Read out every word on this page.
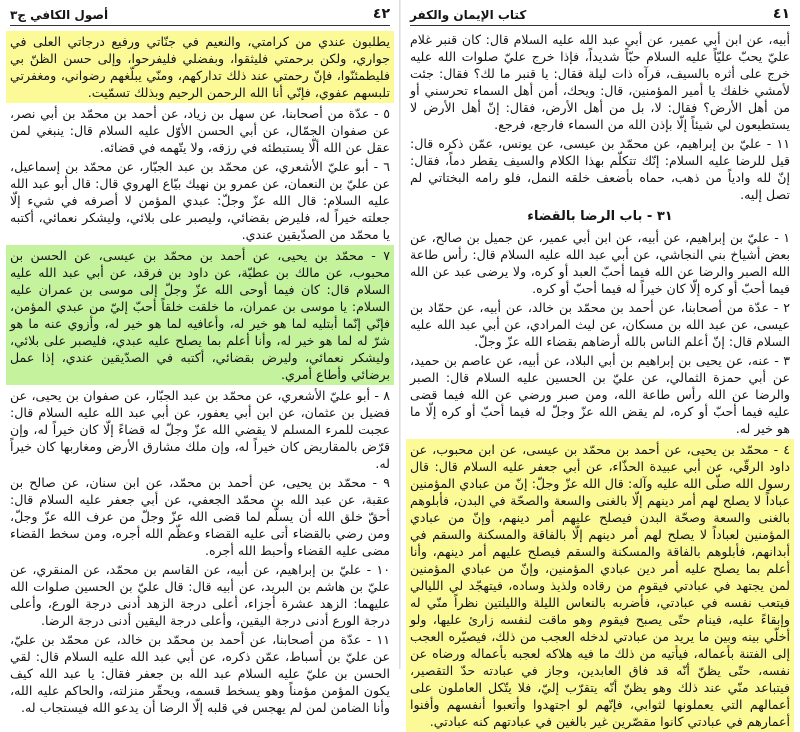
٤٢
أصول الكافي ج٣

يطلبون عندي من كرامتي، والنعيم في جنّاتي ورفيع درجاتي العلى في جواري، ولكن برحمتي فليثقوا، وبفضلي فليفرحوا، وإلى حسن الظنّ بي فليطمئنّوا، فإنّ رحمتي عند ذلك تداركهم، ومنّي يبلّغهم رضواني، ومغفرتي تلبسهم عفوي، فإنّي أنا الله الرحمن الرحيم وبذلك تسمّيت.

٥ - عدّة من أصحابنا، عن سهل بن زياد، عن أحمد بن محمّد بن أبي نصر، عن صفوان الجمّال، عن أبي الحسن الأوّل عليه السلام قال: ينبغي لمن عقل عن الله ألّا يستبطئه في رزقه، ولا يتّهمه في قضائه.

٦ - أبو عليّ الأشعري، عن محمّد بن عبد الجبّار، عن محمّد بن إسماعيل، عن عليّ بن النعمان، عن عمرو بن نهيك بيّاع الهروي قال: قال أبو عبد الله عليه السلام: قال الله عزّ وجلّ: عبدي المؤمن لا أصرفه في شيء إلّا جعلته خيراً له، فليرض بقضائي، وليصبر على بلائي، وليشكر نعمائي، أكتبه يا محمّد من الصدّيقين عندي.

٧ - محمّد بن يحيى، عن أحمد بن محمّد بن عيسى، عن الحسن بن محبوب، عن مالك بن عطيّة، عن داود بن فرقد، عن أبي عبد الله عليه السلام قال: كان فيما أوحى الله عزّ وجلّ إلى موسى بن عمران عليه السلام: يا موسى بن عمران، ما خلقت خلقاً أحبّ إليّ من عبدي المؤمن، فإنّي إنّما أبتليه لما هو خير له، وأعافيه لما هو خير له، وأزوي عنه ما هو شرّ له لما هو خير له، وأنا أعلم بما يصلح عليه عبدي، فليصبر على بلائي، وليشكر نعمائي، وليرض بقضائي، أكتبه في الصدّيقين عندي، إذا عمل برضائي وأطاع أمري.

٨ - أبو عليّ الأشعري، عن محمّد بن عبد الجبّار، عن صفوان بن يحيى، عن فضيل بن عثمان، عن ابن أبي يعفور، عن أبي عبد الله عليه السلام قال: عجبت للمرء المسلم لا يقضي الله عزّ وجلّ له قضاءً إلّا كان خيراً له، وإن قرّض بالمقاريض كان خيراً له، وإن ملك مشارق الأرض ومغاربها كان خيراً له.

٩ - محمّد بن يحيى، عن أحمد بن محمّد، عن ابن سنان، عن صالح بن عقبة، عن عبد الله بن محمّد الجعفي، عن أبي جعفر عليه السلام قال: أحقّ خلق الله أن يسلّم لما قضى الله عزّ وجلّ من عرف الله عزّ وجلّ، ومن رضي بالقضاء أتى عليه القضاء وعظّم الله أجره، ومن سخط القضاء مضى عليه القضاء وأحبط الله أجره.

١٠ - عليّ بن إبراهيم، عن أبيه، عن القاسم بن محمّد، عن المنقري، عن عليّ بن هاشم بن البريد، عن أبيه قال: قال عليّ بن الحسين صلوات الله عليهما: الزهد عشرة أجزاء، أعلى درجة الزهد أدنى درجة الورع، وأعلى درجة الورع أدنى درجة اليقين، وأعلى درجة اليقين أدنى درجة الرضا.

١١ - عدّة من أصحابنا، عن أحمد بن محمّد بن خالد، عن محمّد بن عليّ، عن عليّ بن أسباط، عمّن ذكره، عن أبي عبد الله عليه السلام قال: لقي الحسن بن عليّ عليه السلام عبد الله بن جعفر فقال: يا عبد الله كيف يكون المؤمن مؤمناً وهو يسخط قسمه، ويحقّر منزلته، والحاكم عليه الله، وأنا الضامن لمن لم يهجس في قلبه إلّا الرضا أن يدعو الله فيستجاب له.

٤١
كتاب الإيمان والكفر

أبيه، عن ابن أبي عمير، عن أبي عبد الله عليه السلام قال: كان قنبر غلام عليّ يحبّ عليّاً عليه السلام حبّاً شديداً، فإذا خرج عليّ صلوات الله عليه خرج على أثره بالسيف، فرآه ذات ليلة فقال: يا قنبر ما لك؟ فقال: جئت لأمشي خلفك يا أمير المؤمنين، قال: ويحك، أمن أهل السماء تحرسني أو من أهل الأرض؟ فقال: لا، بل من أهل الأرض، فقال: إنّ أهل الأرض لا يستطيعون لي شيئاً إلّا بإذن الله من السماء فارجع، فرجع.

١١ - عليّ بن إبراهيم، عن محمّد بن عيسى، عن يونس، عمّن ذكره قال: قيل للرضا عليه السلام: إنّك تتكلّم بهذا الكلام والسيف يقطر دماً، فقال: إنّ لله وادياً من ذهب، حماه بأضعف خلقه النمل، فلو رامه البختاتي لم تصل إليه.

٣١ - باب الرضا بالقضاء

١ - عليّ بن إبراهيم، عن أبيه، عن ابن أبي عمير، عن جميل بن صالح، عن بعض أشياخ بني النجاشي، عن أبي عبد الله عليه السلام قال: رأس طاعة الله الصبر والرضا عن الله فيما أحبّ العبد أو كره، ولا يرضى عبد عن الله فيما أحبّ أو كره إلّا كان خيراً له فيما أحبّ أو كره.

٢ - عدّة من أصحابنا، عن أحمد بن محمّد بن خالد، عن أبيه، عن حمّاد بن عيسى، عن عبد الله بن مسكان، عن ليث المرادي، عن أبي عبد الله عليه السلام قال: إنّ أعلم الناس بالله أرضاهم بقضاء الله عزّ وجلّ.

٣ - عنه، عن يحيى بن إبراهيم بن أبي البلاد، عن أبيه، عن عاصم بن حميد، عن أبي حمزة الثمالي، عن عليّ بن الحسين عليه السلام قال: الصبر والرضا عن الله رأس طاعة الله، ومن صبر ورضي عن الله فيما قضى عليه فيما أحبّ أو كره، لم يقض الله عزّ وجلّ له فيما أحبّ أو كره إلّا ما هو خير له.

٤ - محمّد بن يحيى، عن أحمد بن محمّد بن عيسى، عن ابن محبوب، عن داود الرقّي، عن أبي عبيدة الحذّاء، عن أبي جعفر عليه السلام قال: قال رسول الله صلّى الله عليه وآله: قال الله عزّ وجلّ: إنّ من عبادي المؤمنين عباداً لا يصلح لهم أمر دينهم إلّا بالغنى والسعة والصحّة في البدن، فأبلوهم بالغنى والسعة وصحّة البدن فيصلح عليهم أمر دينهم، وإنّ من عبادي المؤمنين لعباداً لا يصلح لهم أمر دينهم إلّا بالفاقة والمسكنة والسقم في أبدانهم، فأبلوهم بالفاقة والمسكنة والسقم فيصلح عليهم أمر دينهم، وأنا أعلم بما يصلح عليه أمر دين عبادي المؤمنين، وإنّ من عبادي المؤمنين لمن يجتهد في عبادتي فيقوم من رقاده ولذيذ وساده، فيتهجّد لي الليالي فيتعب نفسه في عبادتي، فأضربه بالنعاس الليلة والليلتين نظراً منّي له وإبقاءً عليه، فينام حتّى يصبح فيقوم وهو ماقت لنفسه زارئ عليها، ولو أخلّي بينه وبين ما يريد من عبادتي لدخله العجب من ذلك، فيصيّره العجب إلى الفتنة بأعماله، فيأتيه من ذلك ما فيه هلاكه لعجبه بأعماله ورضاه عن نفسه، حتّى يظنّ أنّه قد فاق العابدين، وجاز في عبادته حدّ التقصير، فيتباعد منّي عند ذلك وهو يظنّ أنّه يتقرّب إليّ، فلا يتّكل العاملون على أعمالهم التي يعملونها لثوابي، فإنّهم لو اجتهدوا وأتعبوا أنفسهم وأفنوا أعمارهم في عبادتي كانوا مقصّرين غير بالغين في عبادتهم كنه عبادتي.
